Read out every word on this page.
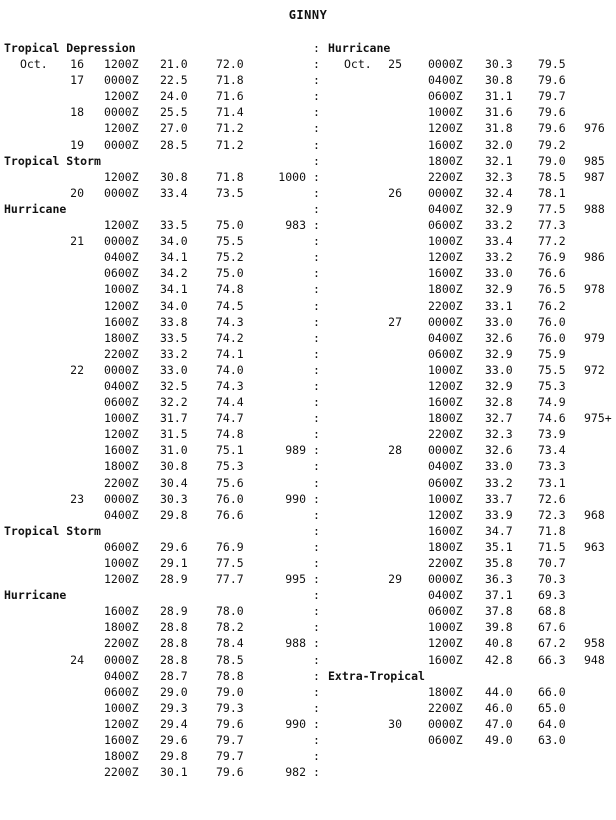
GINNY
Tropical Depression
Oct.	16 1200Z 21.0 72.0
17 0000Z 22.5 71.8
1200Z 24.0 71.6
18 0000Z 25.5 71.4
1200Z 27.0 71.2
19 0000Z 28.5 71.2
Tropical Storm
1200Z 30.8 71.8	1000
20 0000Z 33.4 73.5
Hurricane
1200Z 33.5 75.0	983
21 0000Z 34.0 75.5
0400Z 34.1 75.2
0600Z 34.2 75.0
1000Z 34.1 74.8
1200Z 34.0 74.5
1600Z 33.8 74.3
1800Z 33.5 74.2
2200Z 33.2 74.1
22 0000Z 33.0 74.0
0400Z 32.5 74.3
0600Z 32.2 74.4
1000Z 31.7 74.7
1200Z 31.5 74.8
1600Z 31.0 75.1	989
1800Z 30.8 75.3
2200Z 30.4 75.6
23 0000Z 30.3 76.0	990
0400Z 29.8 76.6
Tropical Storm
0600Z 29.6 76.9
1000Z 29.1 77.5
1200Z 28.9 77.7	995
Hurricane
1600Z 28.9 78.0
1800Z 28.8 78.2
2200Z 28.8 78.4	988
24 0000Z 28.8 78.5
0400Z 28.7 78.8
0600Z 29.0 79.0
1000Z 29.3 79.3
1200Z 29.4 79.6	990
1600Z 29.6 79.7
1800Z 29.8 79.7
2200Z 30.1 79.6	982
:
:
:
:
:
:
:
:
:
:
:
:
:
:
:
:
:
:
:
:
:
:
:
:
:
:
:
:
:
:
:
:
:
:
:
:
:
:
:
:
:
:
:
:
:
:
Hurricane
Oct.	25 0000Z 30.3 79.5
0400Z 30.8 79.6
0600Z 31.1 79.7
1000Z 31.6 79.6
1200Z 31.8 79.6 976
1600Z 32.0 79.2
1800Z 32.1 79.0 985
2200Z 32.3 78.5 987
26 0000Z 32.4 78.1
0400Z 32.9 77.5 988
0600Z 33.2 77.3
1000Z 33.4 77.2
1200Z 33.2 76.9 986
1600Z 33.0 76.6
1800Z 32.9 76.5 978
2200Z 33.1 76.2
27 0000Z 33.0 76.0
0400Z 32.6 76.0 979
0600Z 32.9 75.9
1000Z 33.0 75.5 972
1200Z 32.9 75.3
1600Z 32.8 74.9
1800Z 32.7 74.6 975+
2200Z 32.3 73.9
28 0000Z 32.6 73.4
0400Z 33.0 73.3
0600Z 33.2 73.1
1000Z 33.7 72.6
1200Z 33.9 72.3 968
1600Z 34.7 71.8
1800Z 35.1 71.5 963
2200Z 35.8 70.7
29 0000Z 36.3 70.3
0400Z 37.1 69.3
0600Z 37.8 68.8
1000Z 39.8 67.6
1200Z 40.8 67.2 958
1600Z 42.8 66.3 948
Extra-Tropical
1800Z 44.0 66.0
2200Z 46.0 65.0
30 0000Z 47.0 64.0
0600Z 49.0 63.0
